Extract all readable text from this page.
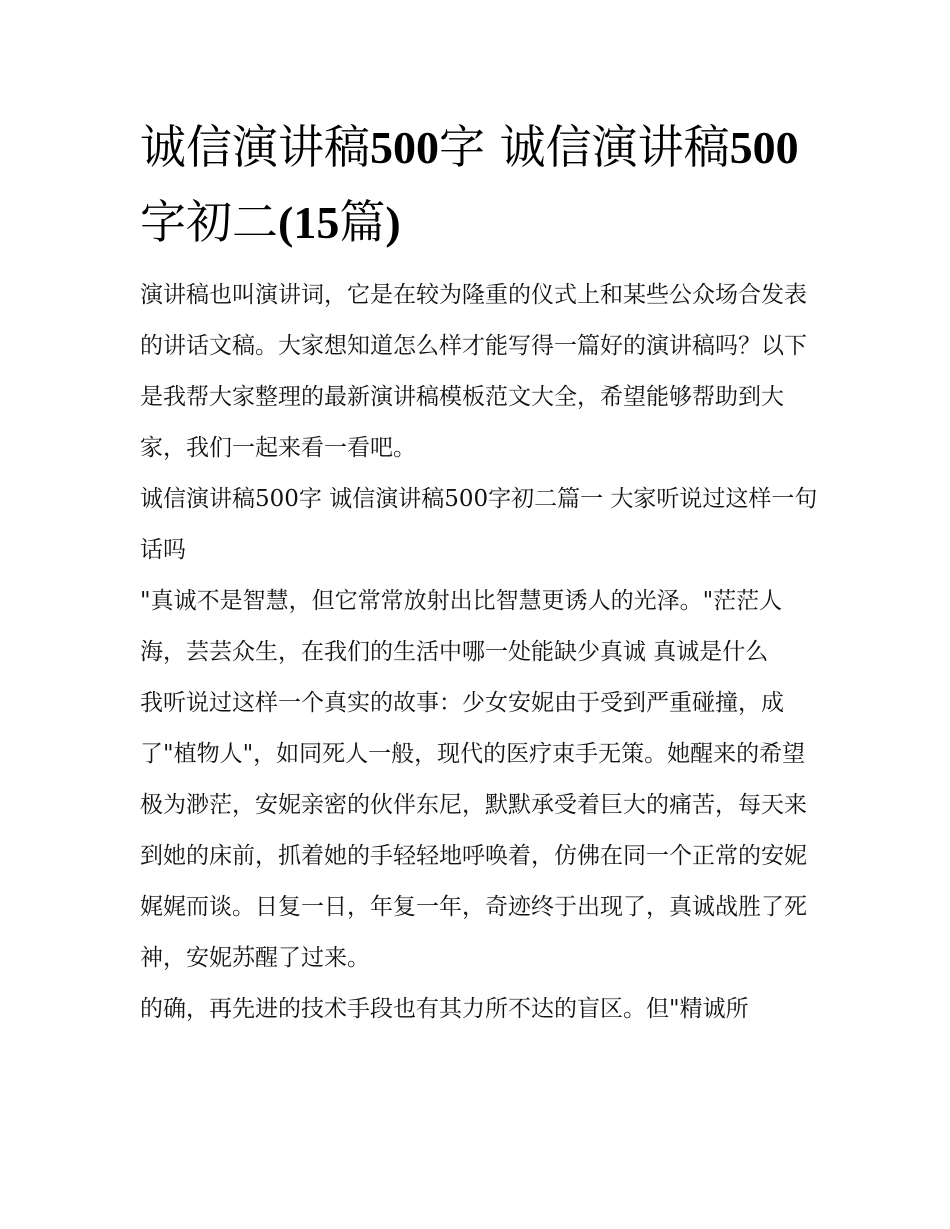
诚信演讲稿500字 诚信演讲稿500字初二(15篇)

演讲稿也叫演讲词，它是在较为隆重的仪式上和某些公众场合发表的讲话文稿。大家想知道怎么样才能写得一篇好的演讲稿吗？以下是我帮大家整理的最新演讲稿模板范文大全，希望能够帮助到大家，我们一起来看一看吧。

诚信演讲稿500字 诚信演讲稿500字初二篇一 大家听说过这样一句话吗

"真诚不是智慧，但它常常放射出比智慧更诱人的光泽。"茫茫人海，芸芸众生，在我们的生活中哪一处能缺少真诚 真诚是什么

我听说过这样一个真实的故事：少女安妮由于受到严重碰撞，成了"植物人"，如同死人一般，现代的医疗束手无策。她醒来的希望极为渺茫，安妮亲密的伙伴东尼，默默承受着巨大的痛苦，每天来到她的床前，抓着她的手轻轻地呼唤着，仿佛在同一个正常的安妮娓娓而谈。日复一日，年复一年，奇迹终于出现了，真诚战胜了死神，安妮苏醒了过来。

的确，再先进的技术手段也有其力所不达的盲区。但"精诚所
